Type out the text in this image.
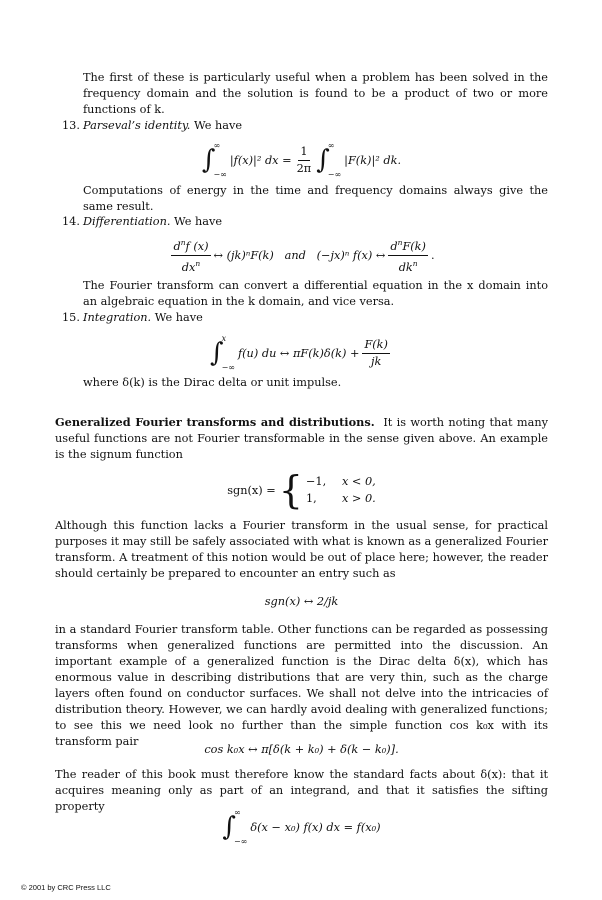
The first of these is particularly useful when a problem has been solved in the frequency domain and the solution is found to be a product of two or more functions of k.

13. Parseval’s identity. We have
∫
∞
−∞
|f(x)|² dx = $\frac{1}{2\pi}$ ∫
∞
−∞
|F(k)|² dk.

Computations of energy in the time and frequency domains always give the same result.

14. Differentiation. We have
$\frac{d^nf (x)}{dx^n}$ ↔ (jk)ⁿF(k)   and   (−jx)ⁿ f(x) ↔ $\frac{d^nF(k)}{dk^n}$ .

The Fourier transform can convert a differential equation in the x domain into an algebraic equation in the k domain, and vice versa.

15. Integration. We have
∫
x
−∞
f(u) du ↔ $\pi F(k)\delta(k) + \frac{F(k)}{jk}$

where δ(k) is the Dirac delta or unit impulse.

Generalized Fourier transforms and distributions. It is worth noting that many useful functions are not Fourier transformable in the sense given above. An example is the signum function

sgn(x) = { −1, x < 0,
1,	x > 0.

Although this function lacks a Fourier transform in the usual sense, for practical purposes it may still be safely associated with what is known as a generalized Fourier transform. A treatment of this notion would be out of place here; however, the reader should certainly be prepared to encounter an entry such as

sgn(x) ↔ 2/jk

in a standard Fourier transform table. Other functions can be regarded as possessing transforms when generalized functions are permitted into the discussion. An important example of a generalized function is the Dirac delta δ(x), which has enormous value in describing distributions that are very thin, such as the charge layers often found on conductor surfaces. We shall not delve into the intricacies of distribution theory. However, we can hardly avoid dealing with generalized functions; to see this we need look no further than the simple function cos k₀x with its transform pair

cos k₀x ↔ π[δ(k + k₀) + δ(k − k₀)].

The reader of this book must therefore know the standard facts about δ(x): that it acquires meaning only as part of an integrand, and that it satisfies the sifting property

∫
∞
−∞
δ(x − x₀) f(x) dx = f(x₀)
© 2001 by CRC Press LLC
